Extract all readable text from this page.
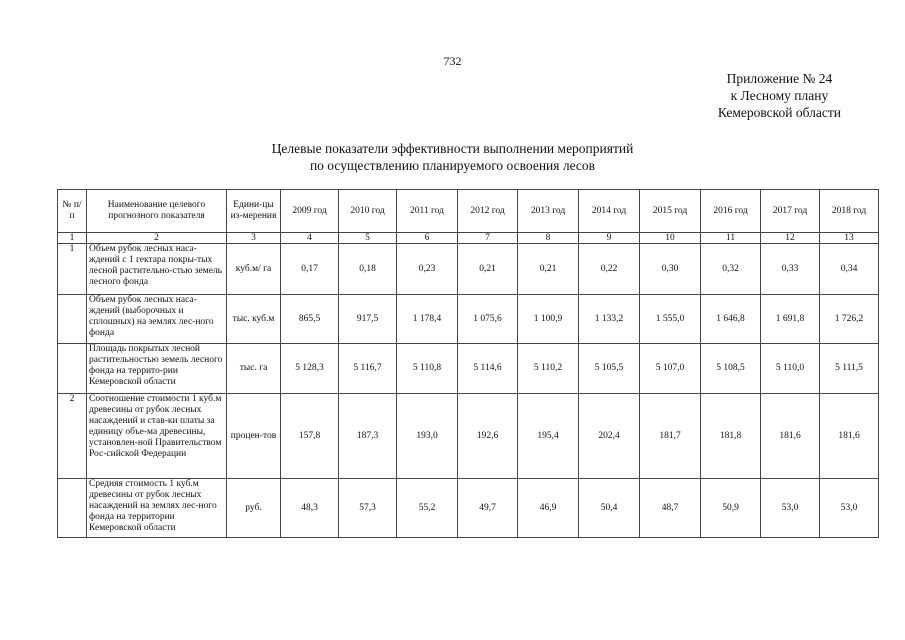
732
Приложение № 24
к Лесному плану
Кемеровской области
Целевые показатели эффективности выполнении мероприятий
по осуществлению планируемого освоения лесов
№ п/п	Наименование целевого прогнозного показателя	Едини-цы из-мерения	2009 год	2010 год	2011 год	2012 год	2013 год	2014 год	2015 год	2016 год	2017 год	2018 год
1	2	3	4	5	6	7	8	9	10	11	12	13
1	Объем рубок лесных наса-ждений с 1 гектара покры-тых лесной растительно-стью земель лесного фонда	куб.м/ га	0,17	0,18	0,23	0,21	0,21	0,22	0,30	0,32	0,33	0,34
	Объем рубок лесных наса-ждений (выборочных и сплошных) на землях лес-ного фонда	тыс. куб.м	865,5	917,5	1 178,4	1 075,6	1 100,9	1 133,2	1 555,0	1 646,8	1 691,8	1 726,2
	Площадь покрытых лесной растительностью земель лесного фонда на террито-рии Кемеровской области	тыс. га	5 128,3	5 116,7	5 110,8	5 114,6	5 110,2	5 105,5	5 107,0	5 108,5	5 110,0	5 111,5
2	Соотношение стоимости 1 куб.м древесины от рубок лесных насаждений и став-ки платы за единицу объе-ма древесины, установлен-ной Правительством Рос-сийской Федерации	процен-тов	157,8	187,3	193,0	192,6	195,4	202,4	181,7	181,8	181,6	181,6
	Средняя стоимость 1 куб.м древесины от рубок лесных насаждений на землях лес-ного фонда на территории Кемеровской области	руб.	48,3	57,3	55,2	49,7	46,9	50,4	48,7	50,9	53,0	53,0
